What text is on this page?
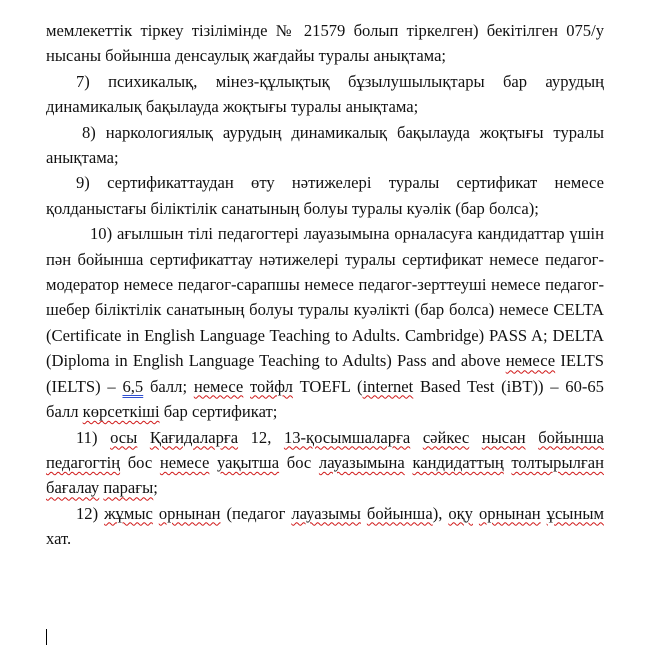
мемлекеттік тіркеу тізілімінде № 21579 болып тіркелген) бекітілген 075/у нысаны бойынша денсаулық жағдайы туралы анықтама;

7) психикалық, мінез-құлықтық бұзылушылықтары бар аурудың динамикалық бақылауда жоқтығы туралы анықтама;

8) наркологиялық аурудың динамикалық бақылауда жоқтығы туралы анықтама;

9) сертификаттаудан өту нәтижелері туралы сертификат немесе қолданыстағы біліктілік санатының болуы туралы куәлік (бар болса);

10) ағылшын тілі педагогтері лауазымына орналасуға кандидаттар үшін пән бойынша сертификаттау нәтижелері туралы сертификат немесе педагог-модератор немесе педагог-сарапшы немесе педагог-зерттеуші немесе педагог-шебер біліктілік санатының болуы туралы куәлікті (бар болса) немесе CELTA (Certificate in English Language Teaching to Adults. Cambridge) PASS A; DELTA (Diploma in English Language Teaching to Adults) Pass and above немесе IELTS (IELTS) – 6,5 балл; немесе тойфл TOEFL (internet Based Test (iBT)) – 60-65 балл көрсеткіші бар сертификат;

11) осы Қағидаларға 12, 13-қосымшаларға сәйкес нысан бойынша педагогтің бос немесе уақытша бос лауазымына кандидаттың толтырылған бағалау парағы;

12) жұмыс орнынан (педагог лауазымы бойынша), оқу орнынан ұсыным хат.
